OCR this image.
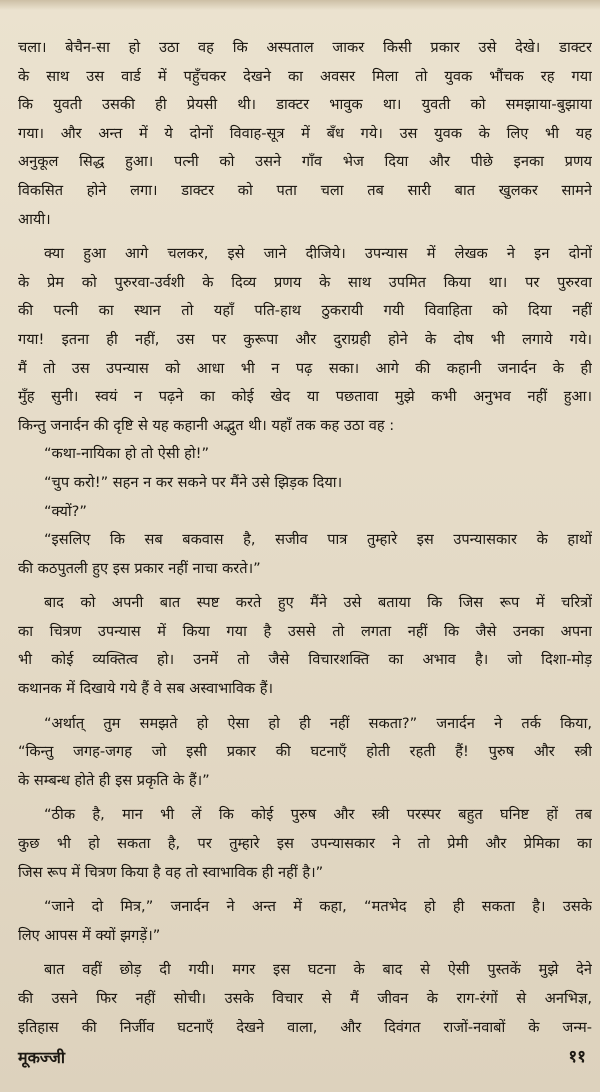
चला। बेचैन-सा हो उठा वह कि अस्पताल जाकर किसी प्रकार उसे देखे। डाक्टर
के साथ उस वार्ड में पहुँचकर देखने का अवसर मिला तो युवक भौंचक रह गया
कि युवती उसकी ही प्रेयसी थी। डाक्टर भावुक था। युवती को समझाया-बुझाया
गया। और अन्त में ये दोनों विवाह-सूत्र में बँध गये। उस युवक के लिए भी यह
अनुकूल सिद्ध हुआ। पत्नी को उसने गाँव भेज दिया और पीछे इनका प्रणय
विकसित होने लगा। डाक्टर को पता चला तब सारी बात खुलकर सामने
आयी।
क्या हुआ आगे चलकर, इसे जाने दीजिये। उपन्यास में लेखक ने इन दोनों
के प्रेम को पुरुरवा-उर्वशी के दिव्य प्रणय के साथ उपमित किया था। पर पुरुरवा
की पत्नी का स्थान तो यहाँ पति-हाथ ठुकरायी गयी विवाहिता को दिया नहीं
गया! इतना ही नहीं, उस पर कुरूपा और दुराग्रही होने के दोष भी लगाये गये।
मैं तो उस उपन्यास को आधा भी न पढ़ सका। आगे की कहानी जनार्दन के ही
मुँह सुनी। स्वयं न पढ़ने का कोई खेद या पछतावा मुझे कभी अनुभव नहीं हुआ।
किन्तु जनार्दन की दृष्टि से यह कहानी अद्भुत थी। यहाँ तक कह उठा वह :
“कथा-नायिका हो तो ऐसी हो!”
“चुप करो!” सहन न कर सकने पर मैंने उसे झिड़क दिया।
“क्यों?”
“इसलिए कि सब बकवास है, सजीव पात्र तुम्हारे इस उपन्यासकार के हाथों
की कठपुतली हुए इस प्रकार नहीं नाचा करते।”
बाद को अपनी बात स्पष्ट करते हुए मैंने उसे बताया कि जिस रूप में चरित्रों
का चित्रण उपन्यास में किया गया है उससे तो लगता नहीं कि जैसे उनका अपना
भी कोई व्यक्तित्व हो। उनमें तो जैसे विचारशक्ति का अभाव है। जो दिशा-मोड़
कथानक में दिखाये गये हैं वे सब अस्वाभाविक हैं।
“अर्थात् तुम समझते हो ऐसा हो ही नहीं सकता?” जनार्दन ने तर्क किया,
“किन्तु जगह-जगह जो इसी प्रकार की घटनाएँ होती रहती हैं! पुरुष और स्त्री
के सम्बन्ध होते ही इस प्रकृति के हैं।”
“ठीक है, मान भी लें कि कोई पुरुष और स्त्री परस्पर बहुत घनिष्ट हों तब
कुछ भी हो सकता है, पर तुम्हारे इस उपन्यासकार ने तो प्रेमी और प्रेमिका का
जिस रूप में चित्रण किया है वह तो स्वाभाविक ही नहीं है।”
“जाने दो मित्र,” जनार्दन ने अन्त में कहा, “मतभेद हो ही सकता है। उसके
लिए आपस में क्यों झगड़ें।”
बात वहीं छोड़ दी गयी। मगर इस घटना के बाद से ऐसी पुस्तकें मुझे देने
की उसने फिर नहीं सोची। उसके विचार से मैं जीवन के राग-रंगों से अनभिज्ञ,
इतिहास की निर्जीव घटनाएँ देखने वाला, और दिवंगत राजों-नवाबों के जन्म-
मूकज्जी	११
